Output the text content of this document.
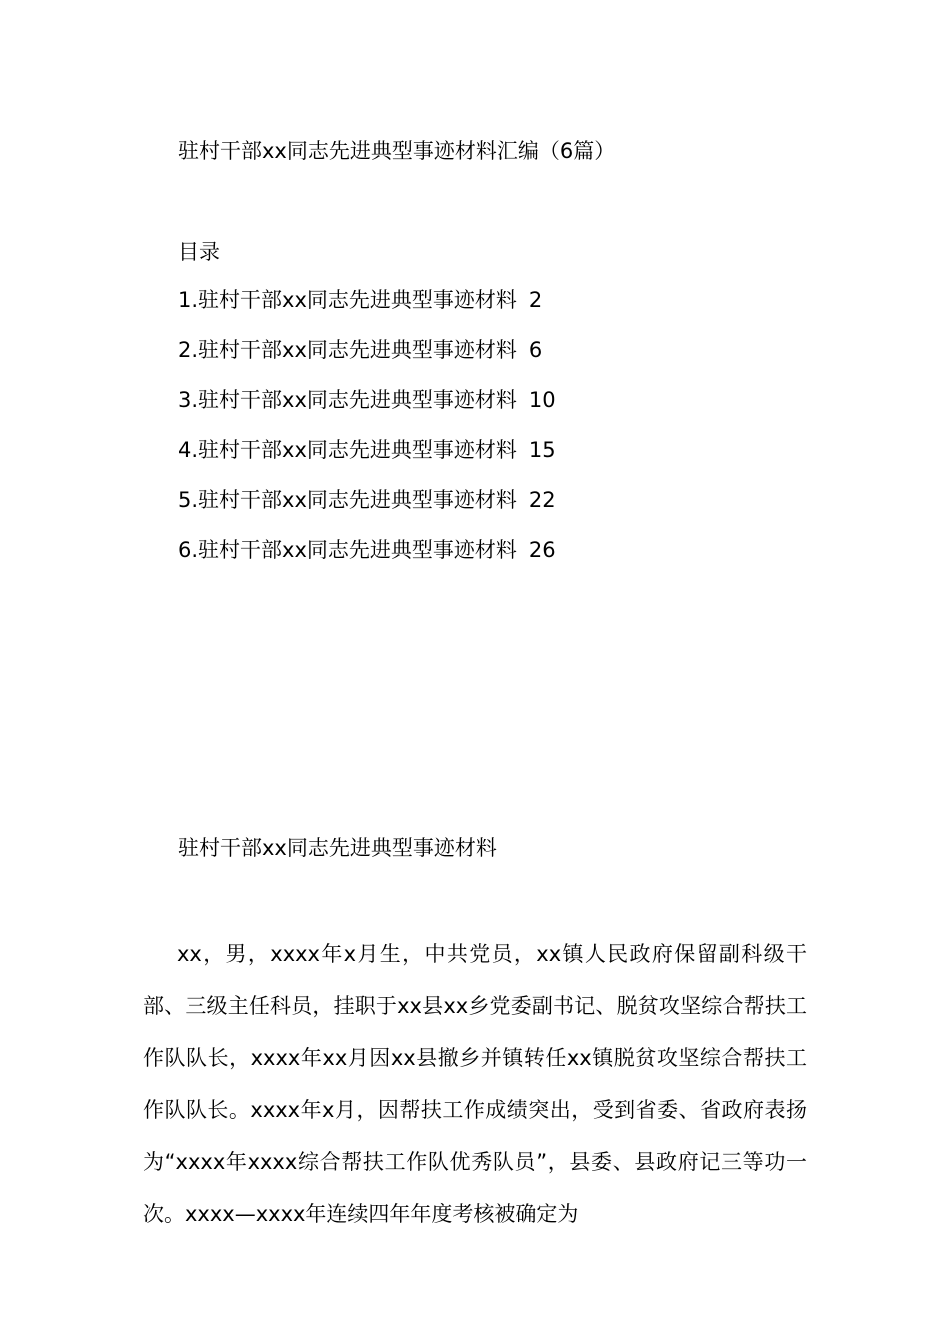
驻村干部xx同志先进典型事迹材料汇编（6篇）
目录
1.驻村干部xx同志先进典型事迹材料 2
2.驻村干部xx同志先进典型事迹材料 6
3.驻村干部xx同志先进典型事迹材料 10
4.驻村干部xx同志先进典型事迹材料 15
5.驻村干部xx同志先进典型事迹材料 22
6.驻村干部xx同志先进典型事迹材料 26
驻村干部xx同志先进典型事迹材料

xx，男，xxxx年x月生，中共党员，xx镇人民政府保留副科级干部、三级主任科员，挂职于xx县xx乡党委副书记、脱贫攻坚综合帮扶工作队队长，xxxx年xx月因xx县撤乡并镇转任xx镇脱贫攻坚综合帮扶工作队队长。xxxx年x月，因帮扶工作成绩突出，受到省委、省政府表扬为“xxxx年xxxx综合帮扶工作队优秀队员”，县委、县政府记三等功一次。xxxx—xxxx年连续四年年度考核被确定为
